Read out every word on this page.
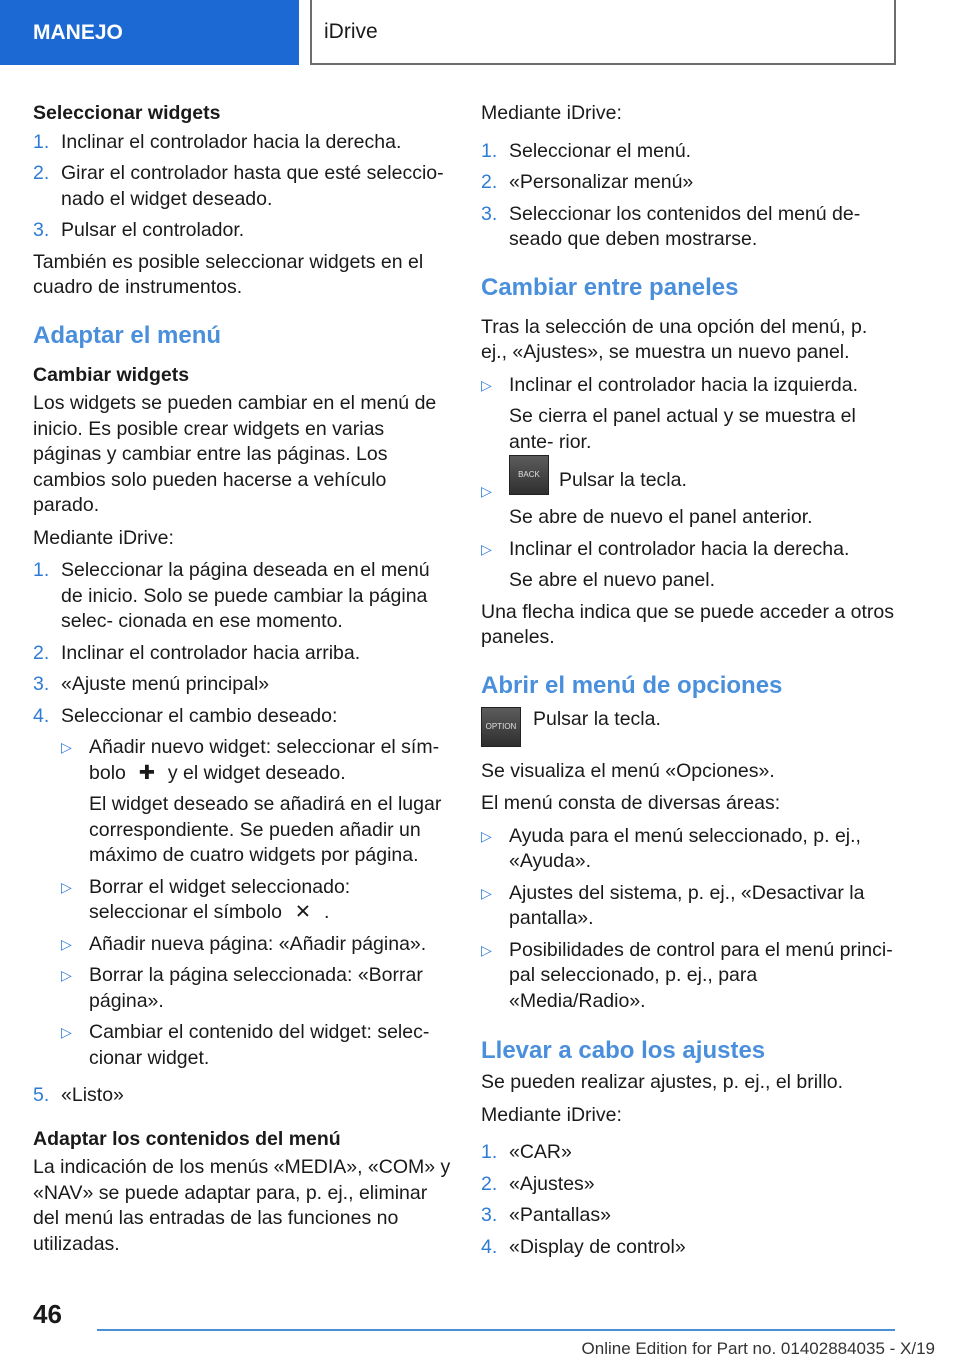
MANEJO	iDrive
Seleccionar widgets
1. Inclinar el controlador hacia la derecha.
2. Girar el controlador hasta que esté seleccio‐ nado el widget deseado.
3. Pulsar el controlador.

También es posible seleccionar widgets en el cuadro de instrumentos.

Adaptar el menú
Cambiar widgets

Los widgets se pueden cambiar en el menú de inicio. Es posible crear widgets en varias páginas y cambiar entre las páginas. Los cambios solo pueden hacerse a vehículo parado.

Mediante iDrive:

1. Seleccionar la página deseada en el menú de inicio. Solo se puede cambiar la página selec‐ cionada en ese momento.
2. Inclinar el controlador hacia arriba.
3. «Ajuste menú principal»
4. Seleccionar el cambio deseado:
▷ Añadir nuevo widget: seleccionar el sím‐ bolo ✚ y el widget deseado.
El widget deseado se añadirá en el lugar correspondiente. Se pueden añadir un máximo de cuatro widgets por página.
▷ Borrar el widget seleccionado: seleccionar el símbolo ✕ .
▷ Añadir nueva página: «Añadir página».
▷ Borrar la página seleccionada: «Borrar página».
▷ Cambiar el contenido del widget: selec‐ cionar widget.
5. «Listo»
Adaptar los contenidos del menú

La indicación de los menús «MEDIA», «COM» y «NAV» se puede adaptar para, p. ej., eliminar del menú las entradas de las funciones no utilizadas.

Mediante iDrive:

1. Seleccionar el menú.
2. «Personalizar menú»
3. Seleccionar los contenidos del menú de‐ seado que deben mostrarse.
Cambiar entre paneles

Tras la selección de una opción del menú, p. ej., «Ajustes», se muestra un nuevo panel.

▷ Inclinar el controlador hacia la izquierda.
Se cierra el panel actual y se muestra el ante‐ rior.
▷
BACK Pulsar la tecla.
Se abre de nuevo el panel anterior.
▷ Inclinar el controlador hacia la derecha.
Se abre el nuevo panel.

Una flecha indica que se puede acceder a otros paneles.

Abrir el menú de opciones
OPTION Pulsar la tecla.

Se visualiza el menú «Opciones».

El menú consta de diversas áreas:

▷ Ayuda para el menú seleccionado, p. ej., «Ayuda».
▷ Ajustes del sistema, p. ej., «Desactivar la pantalla».
▷ Posibilidades de control para el menú princi‐ pal seleccionado, p. ej., para «Media/Radio».
Llevar a cabo los ajustes

Se pueden realizar ajustes, p. ej., el brillo.

Mediante iDrive:

1. «CAR»
2. «Ajustes»
3. «Pantallas»
4. «Display de control»
46
Online Edition for Part no. 01402884035 - X/19
